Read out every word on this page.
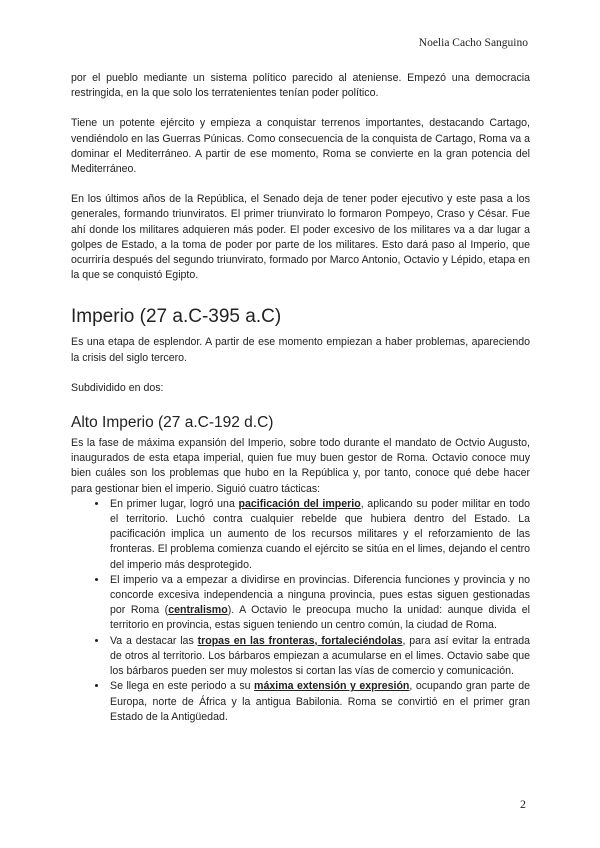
Noelia Cacho Sanguino

por el pueblo mediante un sistema político parecido al ateniense. Empezó una democracia restringida, en la que solo los terratenientes tenían poder político.

Tiene un potente ejército y empieza a conquistar terrenos importantes, destacando Cartago, vendiéndolo en las Guerras Púnicas. Como consecuencia de la conquista de Cartago, Roma va a dominar el Mediterráneo. A partir de ese momento, Roma se convierte en la gran potencia del Mediterráneo.

En los últimos años de la República, el Senado deja de tener poder ejecutivo y este pasa a los generales, formando triunviratos. El primer triunvirato lo formaron Pompeyo, Craso y César. Fue ahí donde los militares adquieren más poder. El poder excesivo de los militares va a dar lugar a golpes de Estado, a la toma de poder por parte de los militares. Esto dará paso al Imperio, que ocurriría después del segundo triunvirato, formado por Marco Antonio, Octavio y Lépido, etapa en la que se conquistó Egipto.

Imperio (27 a.C-395 a.C)

Es una etapa de esplendor. A partir de ese momento empiezan a haber problemas, apareciendo la crisis del siglo tercero.

Subdividido en dos:

Alto Imperio (27 a.C-192 d.C)

Es la fase de máxima expansión del Imperio, sobre todo durante el mandato de Octvio Augusto, inaugurados de esta etapa imperial, quien fue muy buen gestor de Roma. Octavio conoce muy bien cuáles son los problemas que hubo en la República y, por tanto, conoce qué debe hacer para gestionar bien el imperio. Siguió cuatro tácticas:

• En primer lugar, logró una pacificación del imperio, aplicando su poder militar en todo el territorio. Luchó contra cualquier rebelde que hubiera dentro del Estado. La pacificación implica un aumento de los recursos militares y el reforzamiento de las fronteras. El problema comienza cuando el ejército se sitúa en el limes, dejando el centro del imperio más desprotegido.
• El imperio va a empezar a dividirse en provincias. Diferencia funciones y provincia y no concorde excesiva independencia a ninguna provincia, pues estas siguen gestionadas por Roma (centralismo). A Octavio le preocupa mucho la unidad: aunque divida el territorio en provincia, estas siguen teniendo un centro común, la ciudad de Roma.
• Va a destacar las tropas en las fronteras, fortaleciéndolas, para así evitar la entrada de otros al territorio. Los bárbaros empiezan a acumularse en el limes. Octavio sabe que los bárbaros pueden ser muy molestos si cortan las vías de comercio y comunicación.
• Se llega en este periodo a su máxima extensión y expresión, ocupando gran parte de Europa, norte de África y la antigua Babilonia. Roma se convirtió en el primer gran Estado de la Antigüedad.
2
